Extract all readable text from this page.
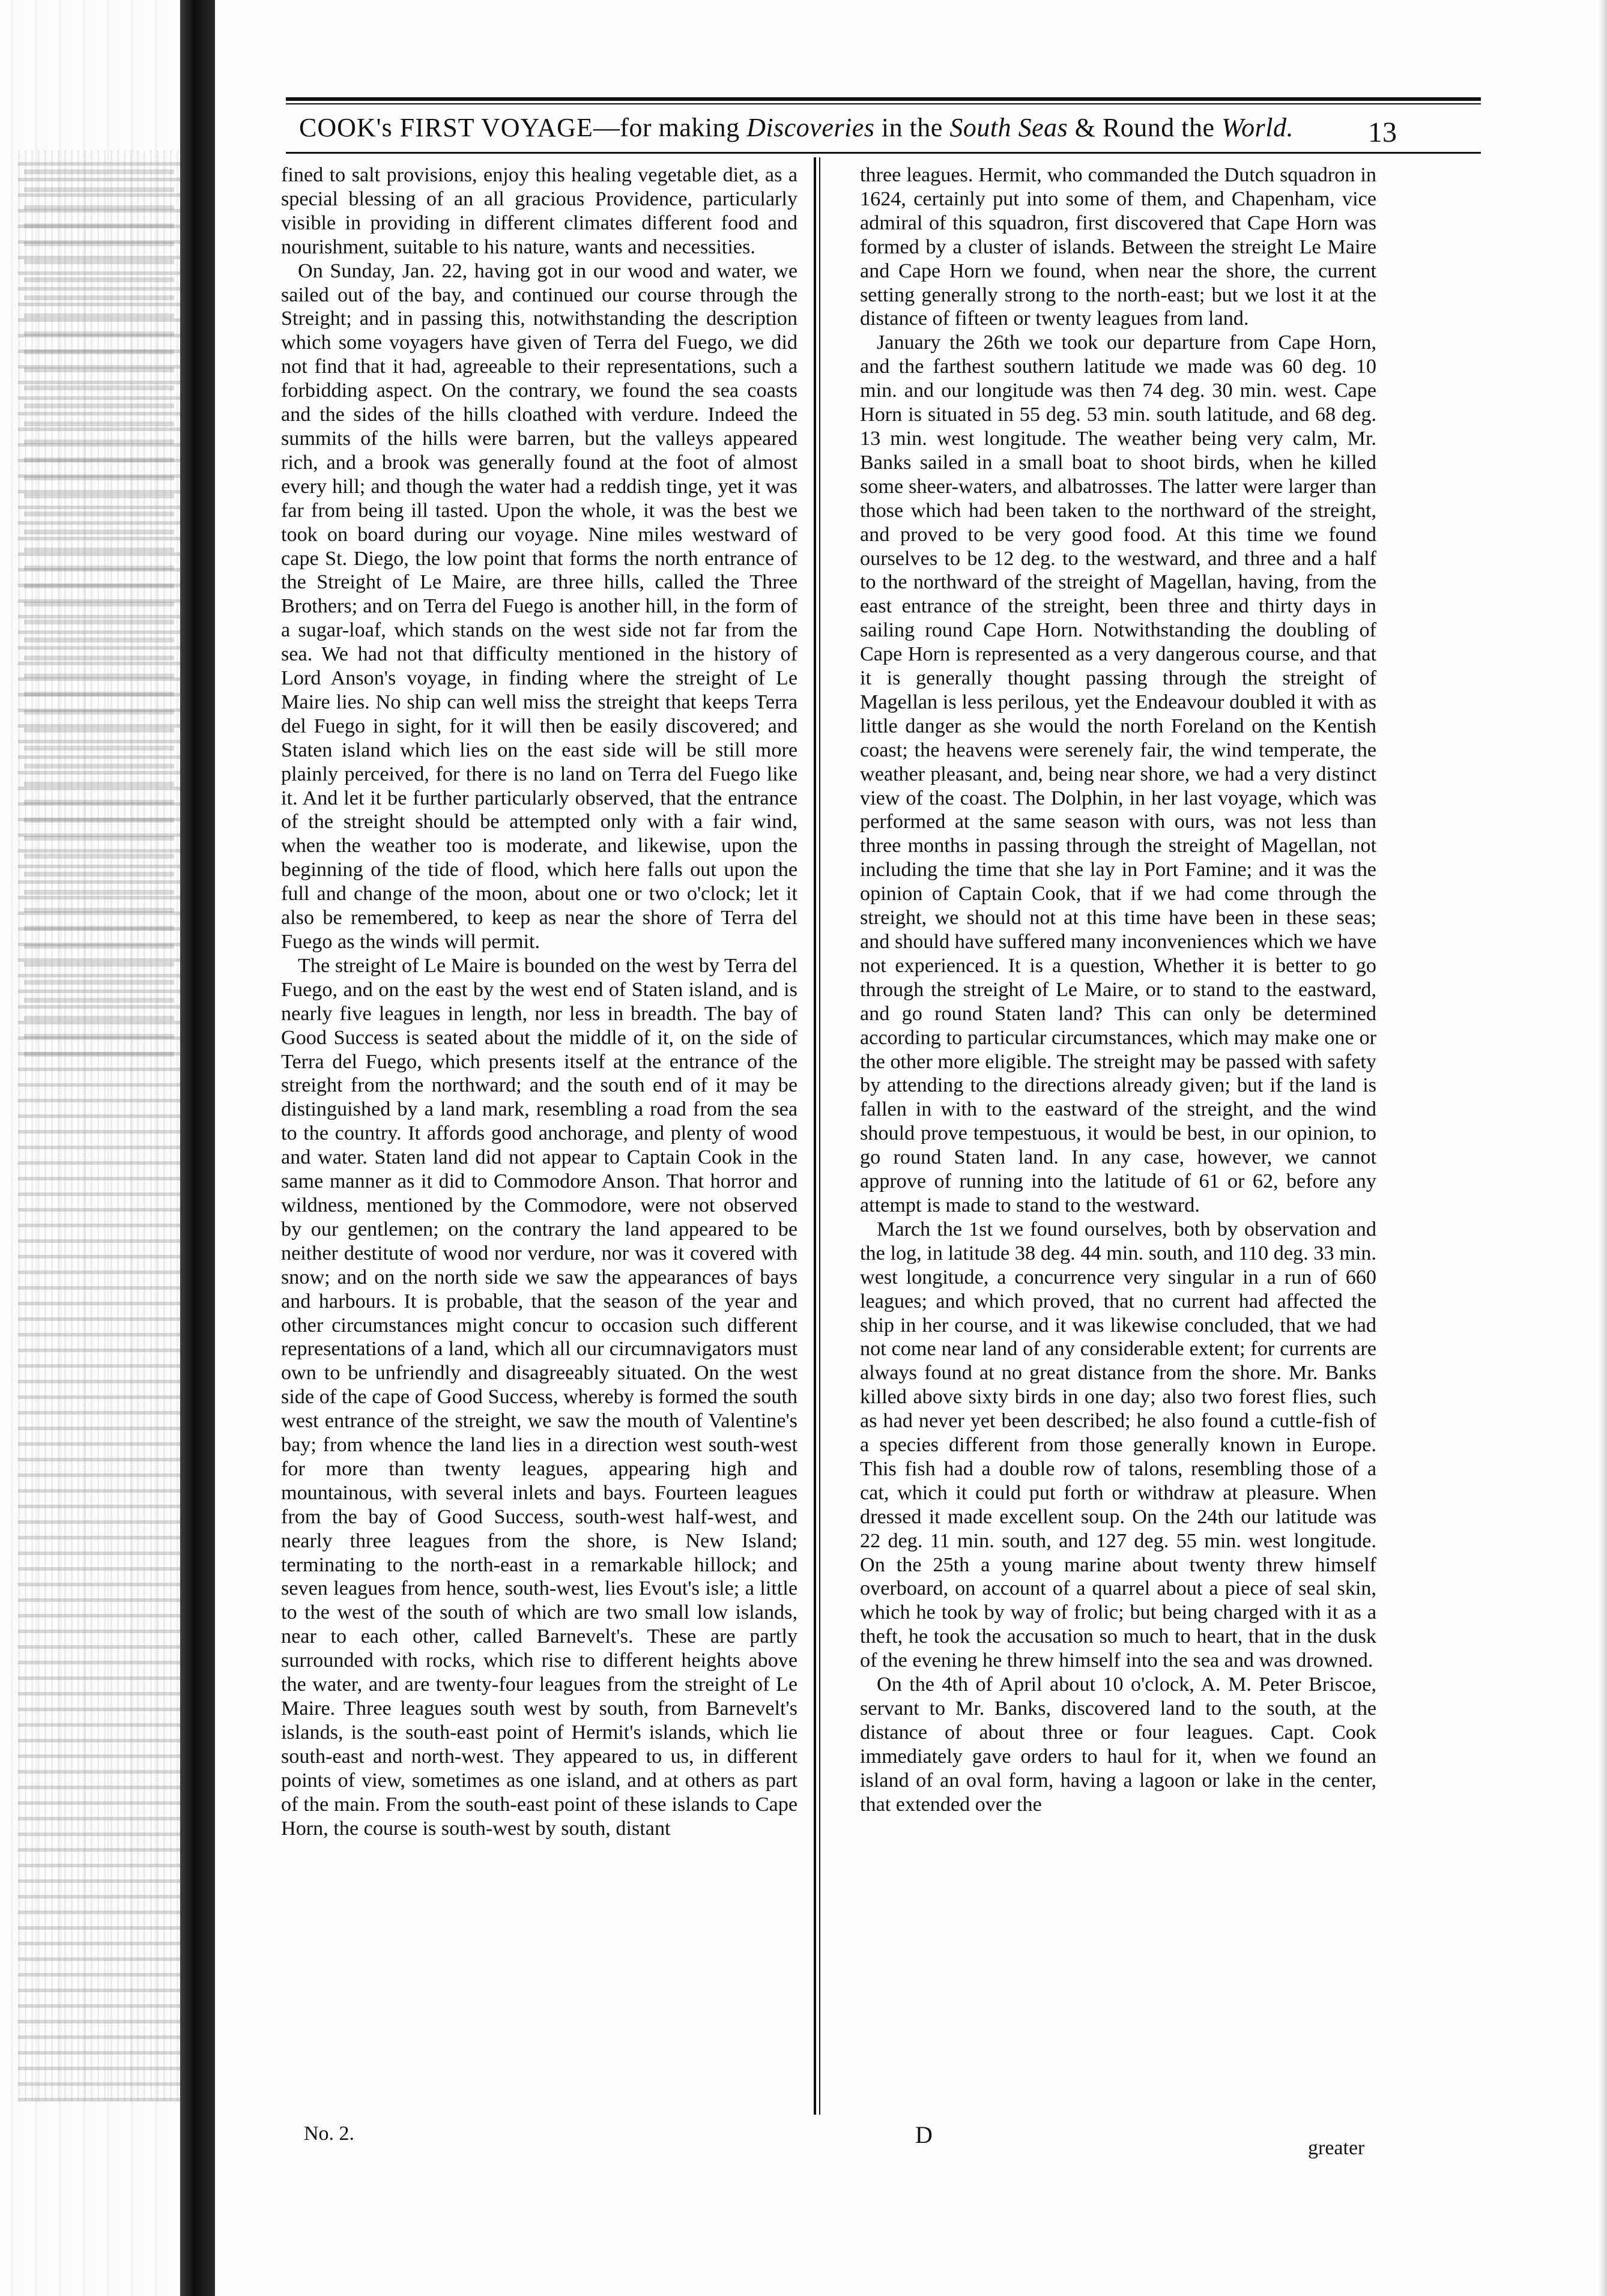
COOK's FIRST VOYAGE—for making Discoveries in the South Seas & Round the World.	13

fined to salt provisions, enjoy this healing vegetable diet, as a special blessing of an all gracious Providence, particularly visible in providing in different climates different food and nourishment, suitable to his nature, wants and necessities.

On Sunday, Jan. 22, having got in our wood and water, we sailed out of the bay, and continued our course through the Streight; and in passing this, notwithstanding the description which some voyagers have given of Terra del Fuego, we did not find that it had, agreeable to their representations, such a forbidding aspect. On the contrary, we found the sea coasts and the sides of the hills cloathed with verdure. Indeed the summits of the hills were barren, but the valleys appeared rich, and a brook was generally found at the foot of almost every hill; and though the water had a reddish tinge, yet it was far from being ill tasted. Upon the whole, it was the best we took on board during our voyage. Nine miles westward of cape St. Diego, the low point that forms the north entrance of the Streight of Le Maire, are three hills, called the Three Brothers; and on Terra del Fuego is another hill, in the form of a sugar-loaf, which stands on the west side not far from the sea. We had not that difficulty mentioned in the history of Lord Anson's voyage, in finding where the streight of Le Maire lies. No ship can well miss the streight that keeps Terra del Fuego in sight, for it will then be easily discovered; and Staten island which lies on the east side will be still more plainly perceived, for there is no land on Terra del Fuego like it. And let it be further particularly observed, that the entrance of the streight should be attempted only with a fair wind, when the weather too is moderate, and likewise, upon the beginning of the tide of flood, which here falls out upon the full and change of the moon, about one or two o'clock; let it also be remembered, to keep as near the shore of Terra del Fuego as the winds will permit.

The streight of Le Maire is bounded on the west by Terra del Fuego, and on the east by the west end of Staten island, and is nearly five leagues in length, nor less in breadth. The bay of Good Success is seated about the middle of it, on the side of Terra del Fuego, which presents itself at the entrance of the streight from the northward; and the south end of it may be distinguished by a land mark, resembling a road from the sea to the country. It affords good anchorage, and plenty of wood and water. Staten land did not appear to Captain Cook in the same manner as it did to Commodore Anson. That horror and wildness, mentioned by the Commodore, were not observed by our gentlemen; on the contrary the land appeared to be neither destitute of wood nor verdure, nor was it covered with snow; and on the north side we saw the appearances of bays and harbours. It is probable, that the season of the year and other circumstances might concur to occasion such different representations of a land, which all our circumnavigators must own to be unfriendly and disagreeably situated. On the west side of the cape of Good Success, whereby is formed the south west entrance of the streight, we saw the mouth of Valentine's bay; from whence the land lies in a direction west south-west for more than twenty leagues, appearing high and mountainous, with several inlets and bays. Fourteen leagues from the bay of Good Success, south-west half-west, and nearly three leagues from the shore, is New Island; terminating to the north-east in a remarkable hillock; and seven leagues from hence, south-west, lies Evout's isle; a little to the west of the south of which are two small low islands, near to each other, called Barnevelt's. These are partly surrounded with rocks, which rise to different heights above the water, and are twenty-four leagues from the streight of Le Maire. Three leagues south west by south, from Barnevelt's islands, is the south-east point of Hermit's islands, which lie south-east and north-west. They appeared to us, in different points of view, sometimes as one island, and at others as part of the main. From the south-east point of these islands to Cape Horn, the course is south-west by south, distant

three leagues. Hermit, who commanded the Dutch squadron in 1624, certainly put into some of them, and Chapenham, vice admiral of this squadron, first discovered that Cape Horn was formed by a cluster of islands. Between the streight Le Maire and Cape Horn we found, when near the shore, the current setting generally strong to the north-east; but we lost it at the distance of fifteen or twenty leagues from land.

January the 26th we took our departure from Cape Horn, and the farthest southern latitude we made was 60 deg. 10 min. and our longitude was then 74 deg. 30 min. west. Cape Horn is situated in 55 deg. 53 min. south latitude, and 68 deg. 13 min. west longitude. The weather being very calm, Mr. Banks sailed in a small boat to shoot birds, when he killed some sheer-waters, and albatrosses. The latter were larger than those which had been taken to the northward of the streight, and proved to be very good food. At this time we found ourselves to be 12 deg. to the westward, and three and a half to the northward of the streight of Magellan, having, from the east entrance of the streight, been three and thirty days in sailing round Cape Horn. Notwithstanding the doubling of Cape Horn is represented as a very dangerous course, and that it is generally thought passing through the streight of Magellan is less perilous, yet the Endeavour doubled it with as little danger as she would the north Foreland on the Kentish coast; the heavens were serenely fair, the wind temperate, the weather pleasant, and, being near shore, we had a very distinct view of the coast. The Dolphin, in her last voyage, which was performed at the same season with ours, was not less than three months in passing through the streight of Magellan, not including the time that she lay in Port Famine; and it was the opinion of Captain Cook, that if we had come through the streight, we should not at this time have been in these seas; and should have suffered many inconveniences which we have not experienced. It is a question, Whether it is better to go through the streight of Le Maire, or to stand to the eastward, and go round Staten land? This can only be determined according to particular circumstances, which may make one or the other more eligible. The streight may be passed with safety by attending to the directions already given; but if the land is fallen in with to the eastward of the streight, and the wind should prove tempestuous, it would be best, in our opinion, to go round Staten land. In any case, however, we cannot approve of running into the latitude of 61 or 62, before any attempt is made to stand to the westward.

March the 1st we found ourselves, both by observation and the log, in latitude 38 deg. 44 min. south, and 110 deg. 33 min. west longitude, a concurrence very singular in a run of 660 leagues; and which proved, that no current had affected the ship in her course, and it was likewise concluded, that we had not come near land of any considerable extent; for currents are always found at no great distance from the shore. Mr. Banks killed above sixty birds in one day; also two forest flies, such as had never yet been described; he also found a cuttle-fish of a species different from those generally known in Europe. This fish had a double row of talons, resembling those of a cat, which it could put forth or withdraw at pleasure. When dressed it made excellent soup. On the 24th our latitude was 22 deg. 11 min. south, and 127 deg. 55 min. west longitude. On the 25th a young marine about twenty threw himself overboard, on account of a quarrel about a piece of seal skin, which he took by way of frolic; but being charged with it as a theft, he took the accusation so much to heart, that in the dusk of the evening he threw himself into the sea and was drowned.

On the 4th of April about 10 o'clock, A. M. Peter Briscoe, servant to Mr. Banks, discovered land to the south, at the distance of about three or four leagues. Capt. Cook immediately gave orders to haul for it, when we found an island of an oval form, having a lagoon or lake in the center, that extended over the

No. 2.	D	greater
